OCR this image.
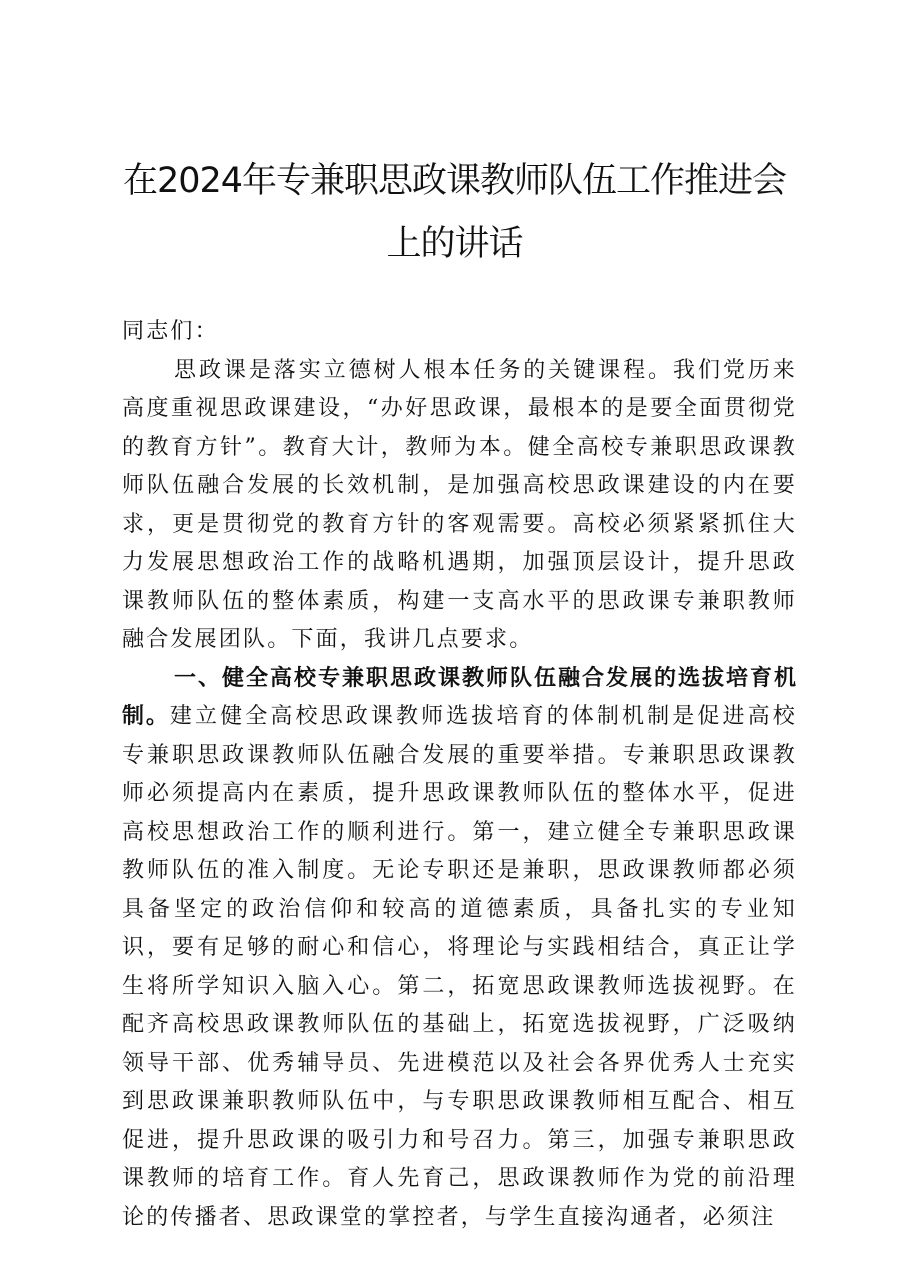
在2024年专兼职思政课教师队伍工作推进会
上的讲话

同志们：

思政课是落实立德树人根本任务的关键课程。我们党历来高度重视思政课建设，“办好思政课，最根本的是要全面贯彻党的教育方针”。教育大计，教师为本。健全高校专兼职思政课教师队伍融合发展的长效机制，是加强高校思政课建设的内在要求，更是贯彻党的教育方针的客观需要。高校必须紧紧抓住大力发展思想政治工作的战略机遇期，加强顶层设计，提升思政课教师队伍的整体素质，构建一支高水平的思政课专兼职教师融合发展团队。下面，我讲几点要求。

一、健全高校专兼职思政课教师队伍融合发展的选拔培育机制。建立健全高校思政课教师选拔培育的体制机制是促进高校专兼职思政课教师队伍融合发展的重要举措。专兼职思政课教师必须提高内在素质，提升思政课教师队伍的整体水平，促进高校思想政治工作的顺利进行。第一，建立健全专兼职思政课教师队伍的准入制度。无论专职还是兼职，思政课教师都必须具备坚定的政治信仰和较高的道德素质，具备扎实的专业知识，要有足够的耐心和信心，将理论与实践相结合，真正让学生将所学知识入脑入心。第二，拓宽思政课教师选拔视野。在配齐高校思政课教师队伍的基础上，拓宽选拔视野，广泛吸纳领导干部、优秀辅导员、先进模范以及社会各界优秀人士充实到思政课兼职教师队伍中，与专职思政课教师相互配合、相互促进，提升思政课的吸引力和号召力。第三，加强专兼职思政课教师的培育工作。育人先育己，思政课教师作为党的前沿理论的传播者、思政课堂的掌控者，与学生直接沟通者，必须注
